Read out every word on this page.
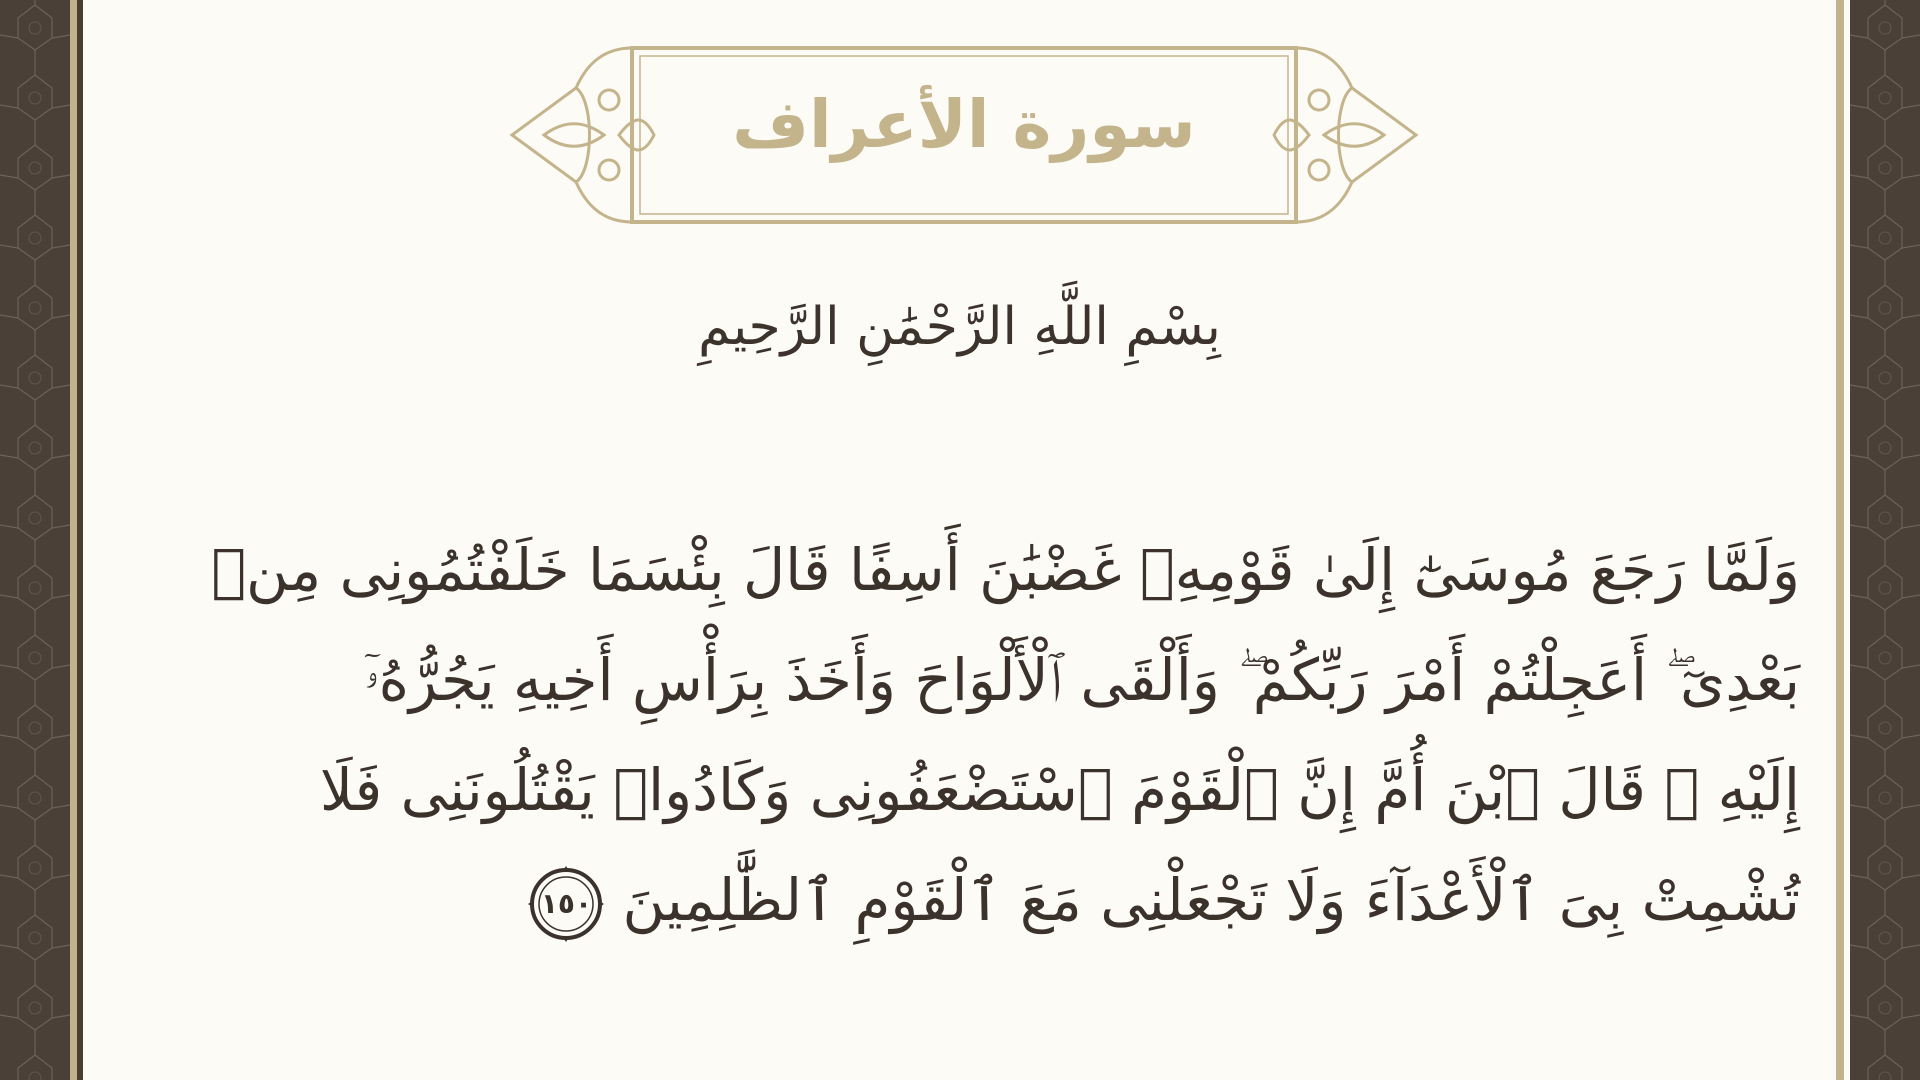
سورة الأعراف
بِسْمِ اللَّهِ الرَّحْمَٰنِ الرَّحِيمِ
وَلَمَّا رَجَعَ مُوسَىٰٓ إِلَىٰ قَوْمِهِۦ غَضْبَٰنَ أَسِفًا قَالَ بِئْسَمَا خَلَفْتُمُونِى مِنۢ
بَعْدِىٓ ۖ أَعَجِلْتُمْ أَمْرَ رَبِّكُمْ ۖ وَأَلْقَى ٱلْأَلْوَاحَ وَأَخَذَ بِرَأْسِ أَخِيهِ يَجُرُّهُۥٓ
إِلَيْهِ ۚ قَالَ ٱبْنَ أُمَّ إِنَّ ٱلْقَوْمَ ٱسْتَضْعَفُونِى وَكَادُوا۟ يَقْتُلُونَنِى فَلَا
تُشْمِتْ بِىَ ٱلْأَعْدَآءَ وَلَا تَجْعَلْنِى مَعَ ٱلْقَوْمِ ٱلظَّٰلِمِينَ
١٥٠
